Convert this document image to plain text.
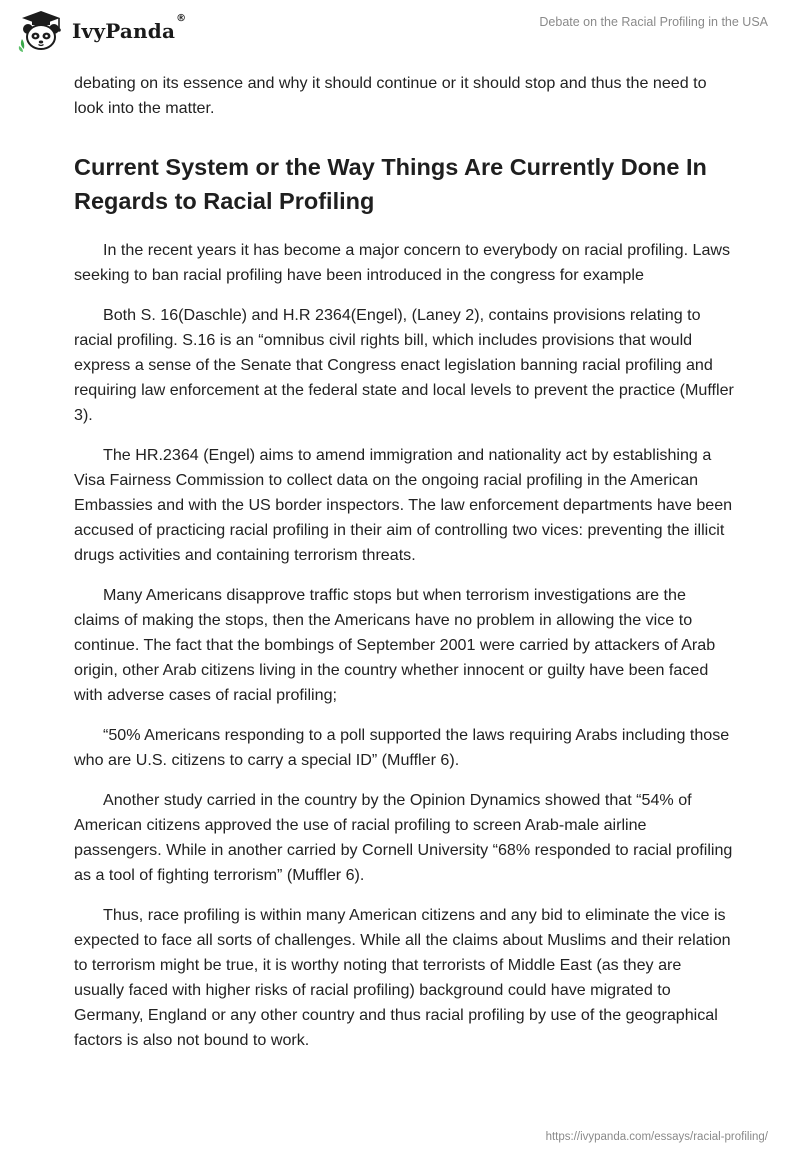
IvyPanda®	Debate on the Racial Profiling in the USA

debating on its essence and why it should continue or it should stop and thus the need to look into the matter.

Current System or the Way Things Are Currently Done In Regards to Racial Profiling

In the recent years it has become a major concern to everybody on racial profiling. Laws seeking to ban racial profiling have been introduced in the congress for example

Both S. 16(Daschle) and H.R 2364(Engel), (Laney 2), contains provisions relating to racial profiling. S.16 is an “omnibus civil rights bill, which includes provisions that would express a sense of the Senate that Congress enact legislation banning racial profiling and requiring law enforcement at the federal state and local levels to prevent the practice (Muffler 3).

The HR.2364 (Engel) aims to amend immigration and nationality act by establishing a Visa Fairness Commission to collect data on the ongoing racial profiling in the American Embassies and with the US border inspectors. The law enforcement departments have been accused of practicing racial profiling in their aim of controlling two vices: preventing the illicit drugs activities and containing terrorism threats.

Many Americans disapprove traffic stops but when terrorism investigations are the claims of making the stops, then the Americans have no problem in allowing the vice to continue. The fact that the bombings of September 2001 were carried by attackers of Arab origin, other Arab citizens living in the country whether innocent or guilty have been faced with adverse cases of racial profiling;

“50% Americans responding to a poll supported the laws requiring Arabs including those who are U.S. citizens to carry a special ID” (Muffler 6).

Another study carried in the country by the Opinion Dynamics showed that “54% of American citizens approved the use of racial profiling to screen Arab-male airline passengers. While in another carried by Cornell University “68% responded to racial profiling as a tool of fighting terrorism” (Muffler 6).

Thus, race profiling is within many American citizens and any bid to eliminate the vice is expected to face all sorts of challenges. While all the claims about Muslims and their relation to terrorism might be true, it is worthy noting that terrorists of Middle East (as they are usually faced with higher risks of racial profiling) background could have migrated to Germany, England or any other country and thus racial profiling by use of the geographical factors is also not bound to work.

https://ivypanda.com/essays/racial-profiling/
